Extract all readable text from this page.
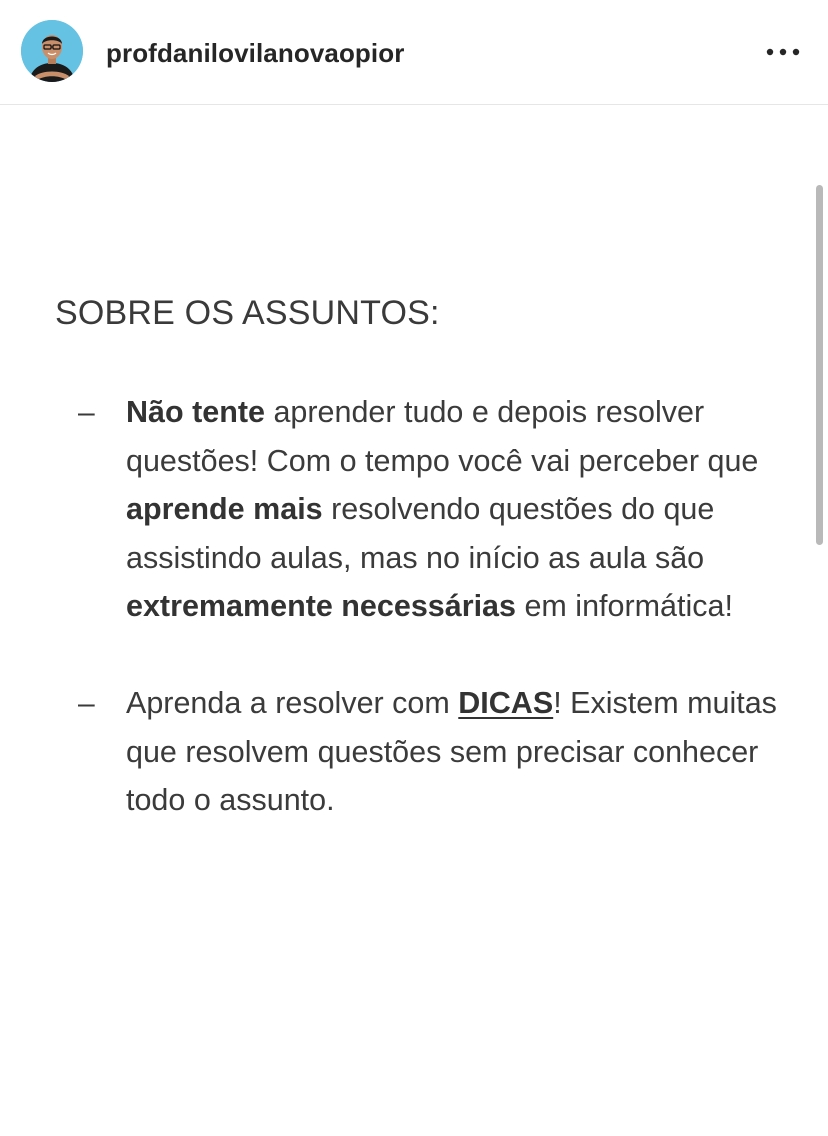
profdanilovilanovaopior
SOBRE OS ASSUNTOS:
– Não tente aprender tudo e depois resolver questões! Com o tempo você vai perceber que aprende mais resolvendo questões do que assistindo aulas, mas no início as aula são extremamente necessárias em informática!

– Aprenda a resolver com DICAS! Existem muitas que resolvem questões sem precisar conhecer todo o assunto.
